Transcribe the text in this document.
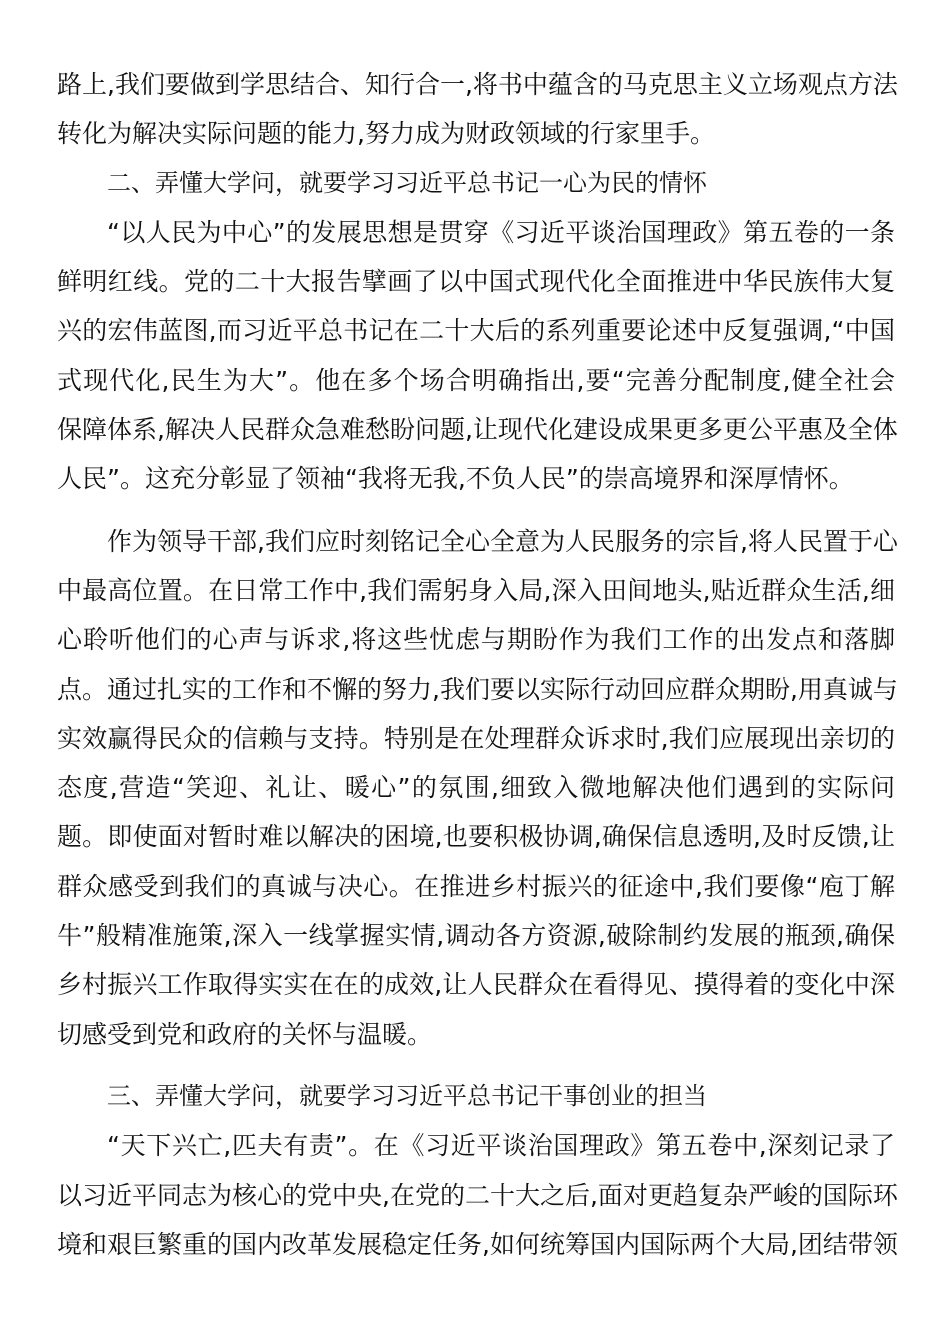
路上,我们要做到学思结合、知行合一,将书中蕴含的马克思主义立场观点方法
转化为解决实际问题的能力,努力成为财政领域的行家里手。
二、弄懂大学问，就要学习习近平总书记一心为民的情怀
“以人民为中心”的发展思想是贯穿《习近平谈治国理政》第五卷的一条
鲜明红线。党的二十大报告擘画了以中国式现代化全面推进中华民族伟大复
兴的宏伟蓝图,而习近平总书记在二十大后的系列重要论述中反复强调,“中国
式现代化,民生为大”。他在多个场合明确指出,要“完善分配制度,健全社会
保障体系,解决人民群众急难愁盼问题,让现代化建设成果更多更公平惠及全体
人民”。这充分彰显了领袖“我将无我,不负人民”的崇高境界和深厚情怀。
作为领导干部,我们应时刻铭记全心全意为人民服务的宗旨,将人民置于心
中最高位置。在日常工作中,我们需躬身入局,深入田间地头,贴近群众生活,细
心聆听他们的心声与诉求,将这些忧虑与期盼作为我们工作的出发点和落脚
点。通过扎实的工作和不懈的努力,我们要以实际行动回应群众期盼,用真诚与
实效赢得民众的信赖与支持。特别是在处理群众诉求时,我们应展现出亲切的
态度,营造“笑迎、礼让、暖心”的氛围,细致入微地解决他们遇到的实际问
题。即使面对暂时难以解决的困境,也要积极协调,确保信息透明,及时反馈,让
群众感受到我们的真诚与决心。在推进乡村振兴的征途中,我们要像“庖丁解
牛”般精准施策,深入一线掌握实情,调动各方资源,破除制约发展的瓶颈,确保
乡村振兴工作取得实实在在的成效,让人民群众在看得见、摸得着的变化中深
切感受到党和政府的关怀与温暖。
三、弄懂大学问，就要学习习近平总书记干事创业的担当
“天下兴亡,匹夫有责”。在《习近平谈治国理政》第五卷中,深刻记录了
以习近平同志为核心的党中央,在党的二十大之后,面对更趋复杂严峻的国际环
境和艰巨繁重的国内改革发展稳定任务,如何统筹国内国际两个大局,团结带领
